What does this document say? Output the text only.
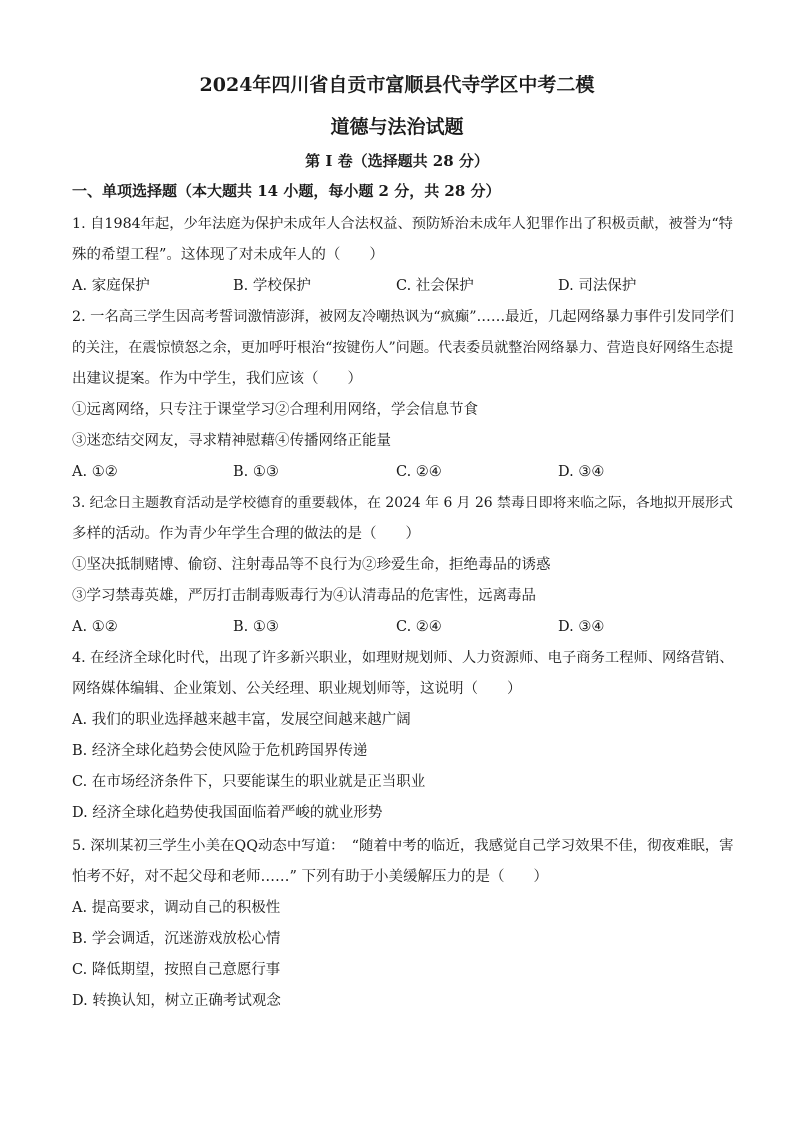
2024年四川省自贡市富顺县代寺学区中考二模
道德与法治试题
第 I 卷（选择题共 28 分）
一、单项选择题（本大题共 14 小题，每小题 2 分，共 28 分）
1. 自1984年起，少年法庭为保护未成年人合法权益、预防矫治未成年人犯罪作出了积极贡献，被誉为“特
殊的希望工程”。这体现了对未成年人的（　　）
A. 家庭保护	B. 学校保护	C. 社会保护	D. 司法保护
2. 一名高三学生因高考誓词激情澎湃，被网友冷嘲热讽为“疯癫”……最近，几起网络暴力事件引发同学们
的关注，在震惊愤怒之余，更加呼吁根治“按键伤人”问题。代表委员就整治网络暴力、营造良好网络生态提
出建议提案。作为中学生，我们应该（　　）
①远离网络，只专注于课堂学习②合理利用网络，学会信息节食
③迷恋结交网友，寻求精神慰藉④传播网络正能量
A. ①②	B. ①③	C. ②④	D. ③④
3. 纪念日主题教育活动是学校德育的重要载体，在 2024 年 6 月 26 禁毒日即将来临之际，各地拟开展形式
多样的活动。作为青少年学生合理的做法的是（　　）
①坚决抵制赌博、偷窃、注射毒品等不良行为②珍爱生命，拒绝毒品的诱惑
③学习禁毒英雄，严厉打击制毒贩毒行为④认清毒品的危害性，远离毒品
A. ①②	B. ①③	C. ②④	D. ③④
4. 在经济全球化时代，出现了许多新兴职业，如理财规划师、人力资源师、电子商务工程师、网络营销、
网络媒体编辑、企业策划、公关经理、职业规划师等，这说明（　　）
A. 我们的职业选择越来越丰富，发展空间越来越广阔
B. 经济全球化趋势会使风险于危机跨国界传递
C. 在市场经济条件下，只要能谋生的职业就是正当职业
D. 经济全球化趋势使我国面临着严峻的就业形势
5. 深圳某初三学生小美在QQ动态中写道：　“随着中考的临近，我感觉自己学习效果不佳，彻夜难眠，害
怕考不好，对不起父母和老师……” 下列有助于小美缓解压力的是（　　）
A. 提高要求，调动自己的积极性
B. 学会调适，沉迷游戏放松心情
C. 降低期望，按照自己意愿行事
D. 转换认知，树立正确考试观念
